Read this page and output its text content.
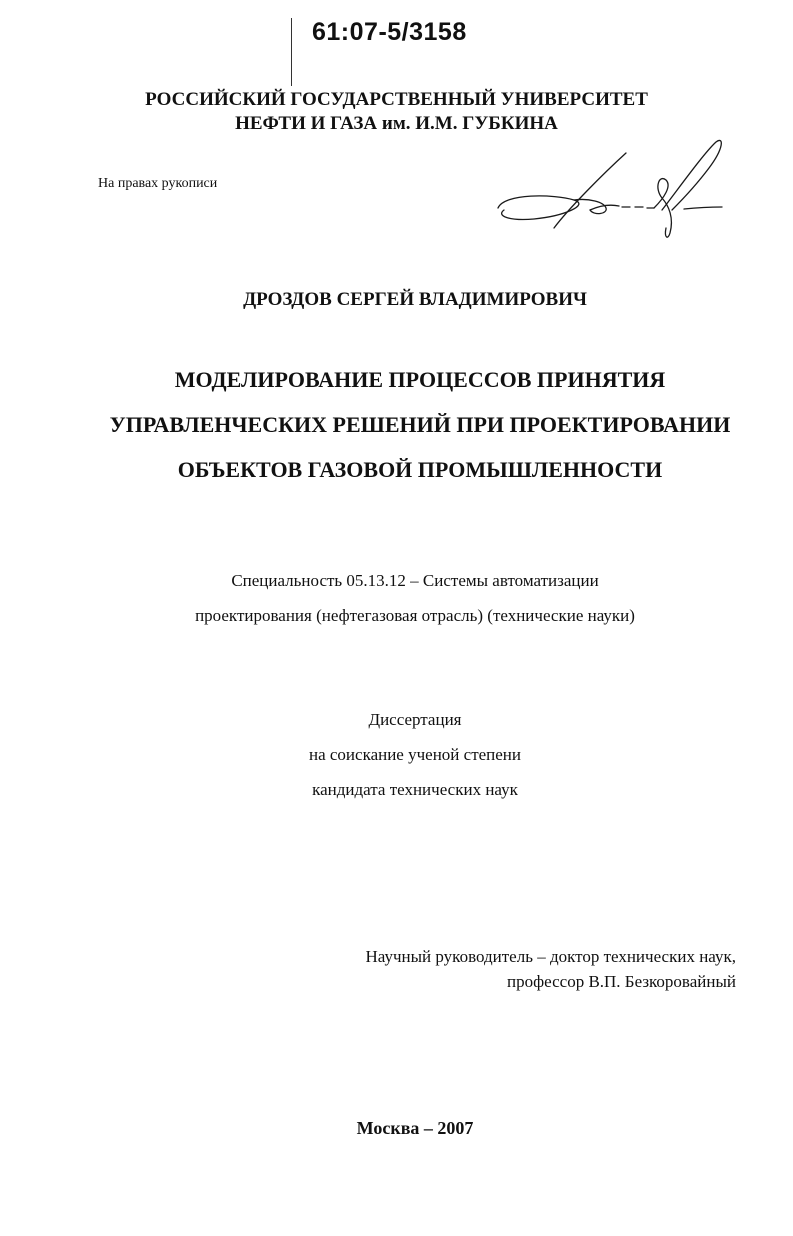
61:07-5/3158
РОССИЙСКИЙ ГОСУДАРСТВЕННЫЙ УНИВЕРСИТЕТ
НЕФТИ И ГАЗА им. И.М. ГУБКИНА
На правах рукописи
ДРОЗДОВ СЕРГЕЙ ВЛАДИМИРОВИЧ
МОДЕЛИРОВАНИЕ ПРОЦЕССОВ ПРИНЯТИЯ
УПРАВЛЕНЧЕСКИХ РЕШЕНИЙ ПРИ ПРОЕКТИРОВАНИИ
ОБЪЕКТОВ ГАЗОВОЙ ПРОМЫШЛЕННОСТИ
Специальность 05.13.12 – Системы автоматизации
проектирования (нефтегазовая отрасль) (технические науки)
Диссертация
на соискание ученой степени
кандидата технических наук
Научный руководитель – доктор технических наук,
профессор В.П. Безкоровайный
Москва – 2007
